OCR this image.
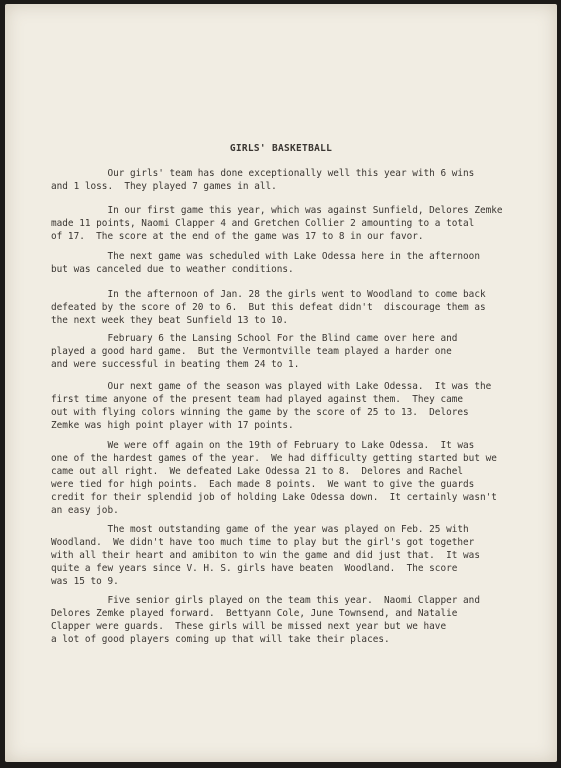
GIRLS' BASKETBALL
Our girls' team has done exceptionally well this year with 6 wins
and 1 loss.  They played 7 games in all.
In our first game this year, which was against Sunfield, Delores Zemke
made 11 points, Naomi Clapper 4 and Gretchen Collier 2 amounting to a total
of 17.  The score at the end of the game was 17 to 8 in our favor.
The next game was scheduled with Lake Odessa here in the afternoon
but was canceled due to weather conditions.
In the afternoon of Jan. 28 the girls went to Woodland to come back
defeated by the score of 20 to 6.  But this defeat didn't  discourage them as
the next week they beat Sunfield 13 to 10.
February 6 the Lansing School For the Blind came over here and
played a good hard game.  But the Vermontville team played a harder one
and were successful in beating them 24 to 1.
Our next game of the season was played with Lake Odessa.  It was the
first time anyone of the present team had played against them.  They came
out with flying colors winning the game by the score of 25 to 13.  Delores
Zemke was high point player with 17 points.
We were off again on the 19th of February to Lake Odessa.  It was
one of the hardest games of the year.  We had difficulty getting started but we
came out all right.  We defeated Lake Odessa 21 to 8.  Delores and Rachel
were tied for high points.  Each made 8 points.  We want to give the guards
credit for their splendid job of holding Lake Odessa down.  It certainly wasn't
an easy job.
The most outstanding game of the year was played on Feb. 25 with
Woodland.  We didn't have too much time to play but the girl's got together
with all their heart and amibiton to win the game and did just that.  It was
quite a few years since V. H. S. girls have beaten  Woodland.  The score
was 15 to 9.
Five senior girls played on the team this year.  Naomi Clapper and
Delores Zemke played forward.  Bettyann Cole, June Townsend, and Natalie
Clapper were guards.  These girls will be missed next year but we have
a lot of good players coming up that will take their places.
